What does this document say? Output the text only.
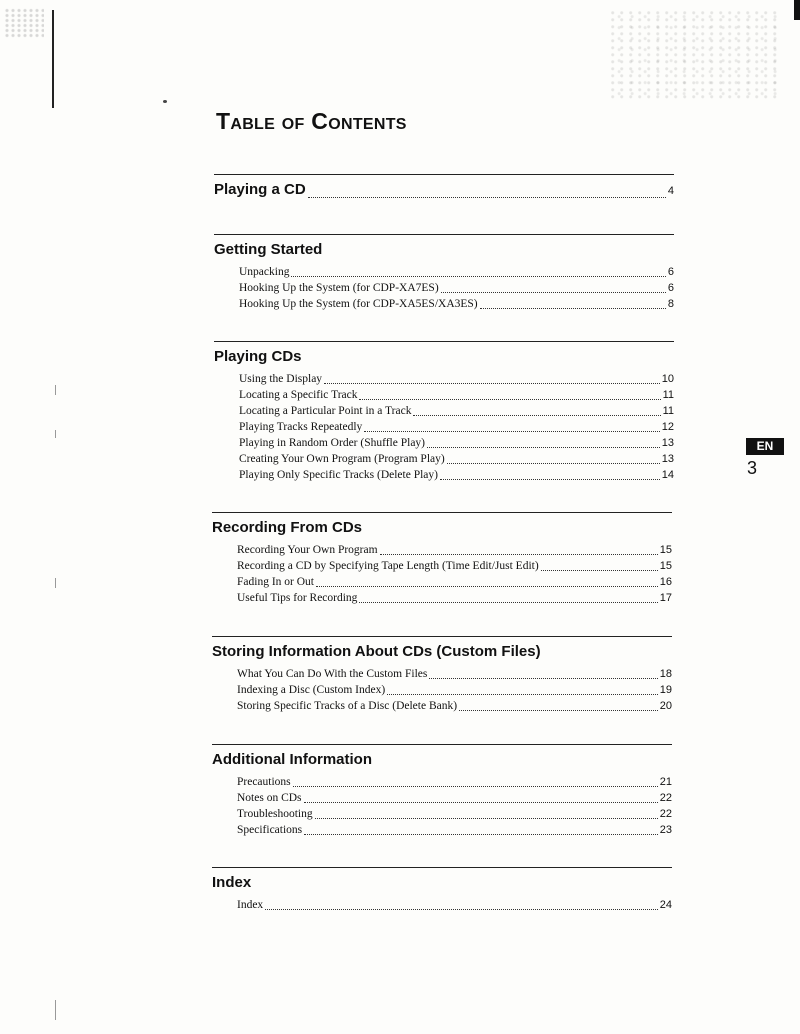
Table of Contents
Playing a CD	4
Getting Started
Unpacking	6
Hooking Up the System (for CDP-XA7ES)	6
Hooking Up the System (for CDP-XA5ES/XA3ES)	8
Playing CDs
Using the Display	10
Locating a Specific Track	11
Locating a Particular Point in a Track	11
Playing Tracks Repeatedly	12
Playing in Random Order (Shuffle Play)	13
Creating Your Own Program (Program Play)	13
Playing Only Specific Tracks (Delete Play)	14
Recording From CDs
Recording Your Own Program	15
Recording a CD by Specifying Tape Length (Time Edit/Just Edit)	15
Fading In or Out	16
Useful Tips for Recording	17
Storing Information About CDs (Custom Files)
What You Can Do With the Custom Files	18
Indexing a Disc (Custom Index)	19
Storing Specific Tracks of a Disc (Delete Bank)	20
Additional Information
Precautions	21
Notes on CDs	22
Troubleshooting	22
Specifications	23
Index
Index	24
EN
3
